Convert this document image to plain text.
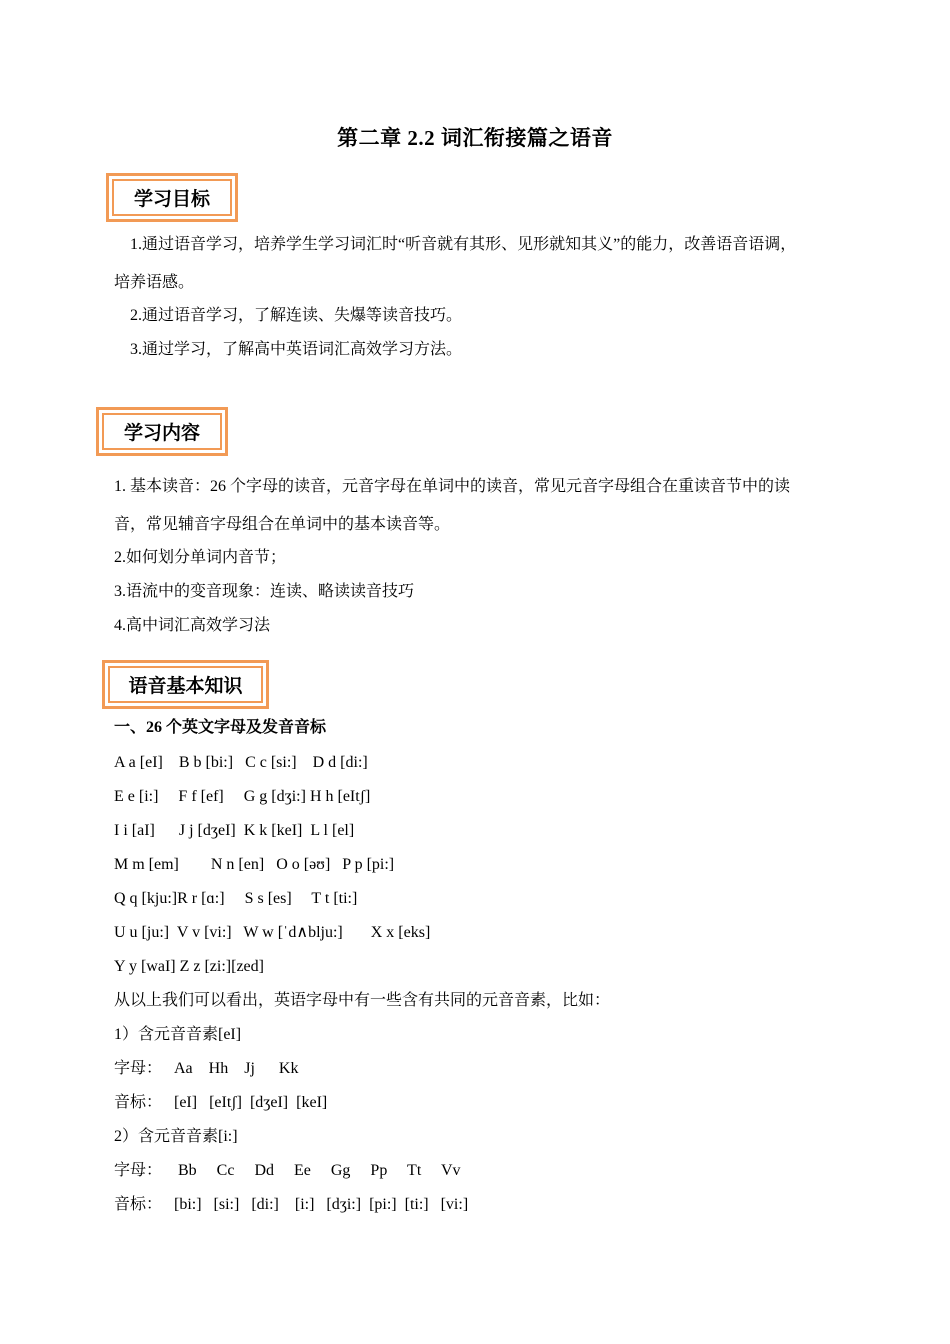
第二章 2.2 词汇衔接篇之语音
学习目标
1.通过语音学习，培养学生学习词汇时“听音就有其形、见形就知其义”的能力，改善语音语调，
培养语感。
2.通过语音学习，了解连读、失爆等读音技巧。
3.通过学习，了解高中英语词汇高效学习方法。
学习内容
1. 基本读音：26 个字母的读音，元音字母在单词中的读音，常见元音字母组合在重读音节中的读
音，常见辅音字母组合在单词中的基本读音等。
2.如何划分单词内音节；
3.语流中的变音现象：连读、略读读音技巧
4.高中词汇高效学习法
语音基本知识
一、26 个英文字母及发音音标
A a [eI]    B b [bi:]   C c [si:]    D d [di:]
E e [i:]     F f [ef]     G g [dʒi:] H h [eItʃ]
I i [aI]      J j [dʒeI]  K k [keI]  L l [el]
M m [em]        N n [en]   O o [əʊ]   P p [pi:]
Q q [kju:]R r [ɑ:]     S s [es]     T t [ti:]
U u [ju:]  V v [vi:]   W w [ˈd∧blju:]       X x [eks]
Y y [waI] Z z [zi:][zed]
从以上我们可以看出，英语字母中有一些含有共同的元音音素，比如：
1）含元音音素[eI]
字母：   Aa    Hh    Jj      Kk
音标：   [eI]   [eItʃ]  [dʒeI]  [keI]
2）含元音音素[i:]
字母：    Bb     Cc     Dd     Ee     Gg     Pp     Tt     Vv
音标：   [bi:]   [si:]   [di:]    [i:]   [dʒi:]  [pi:]  [ti:]   [vi:]
